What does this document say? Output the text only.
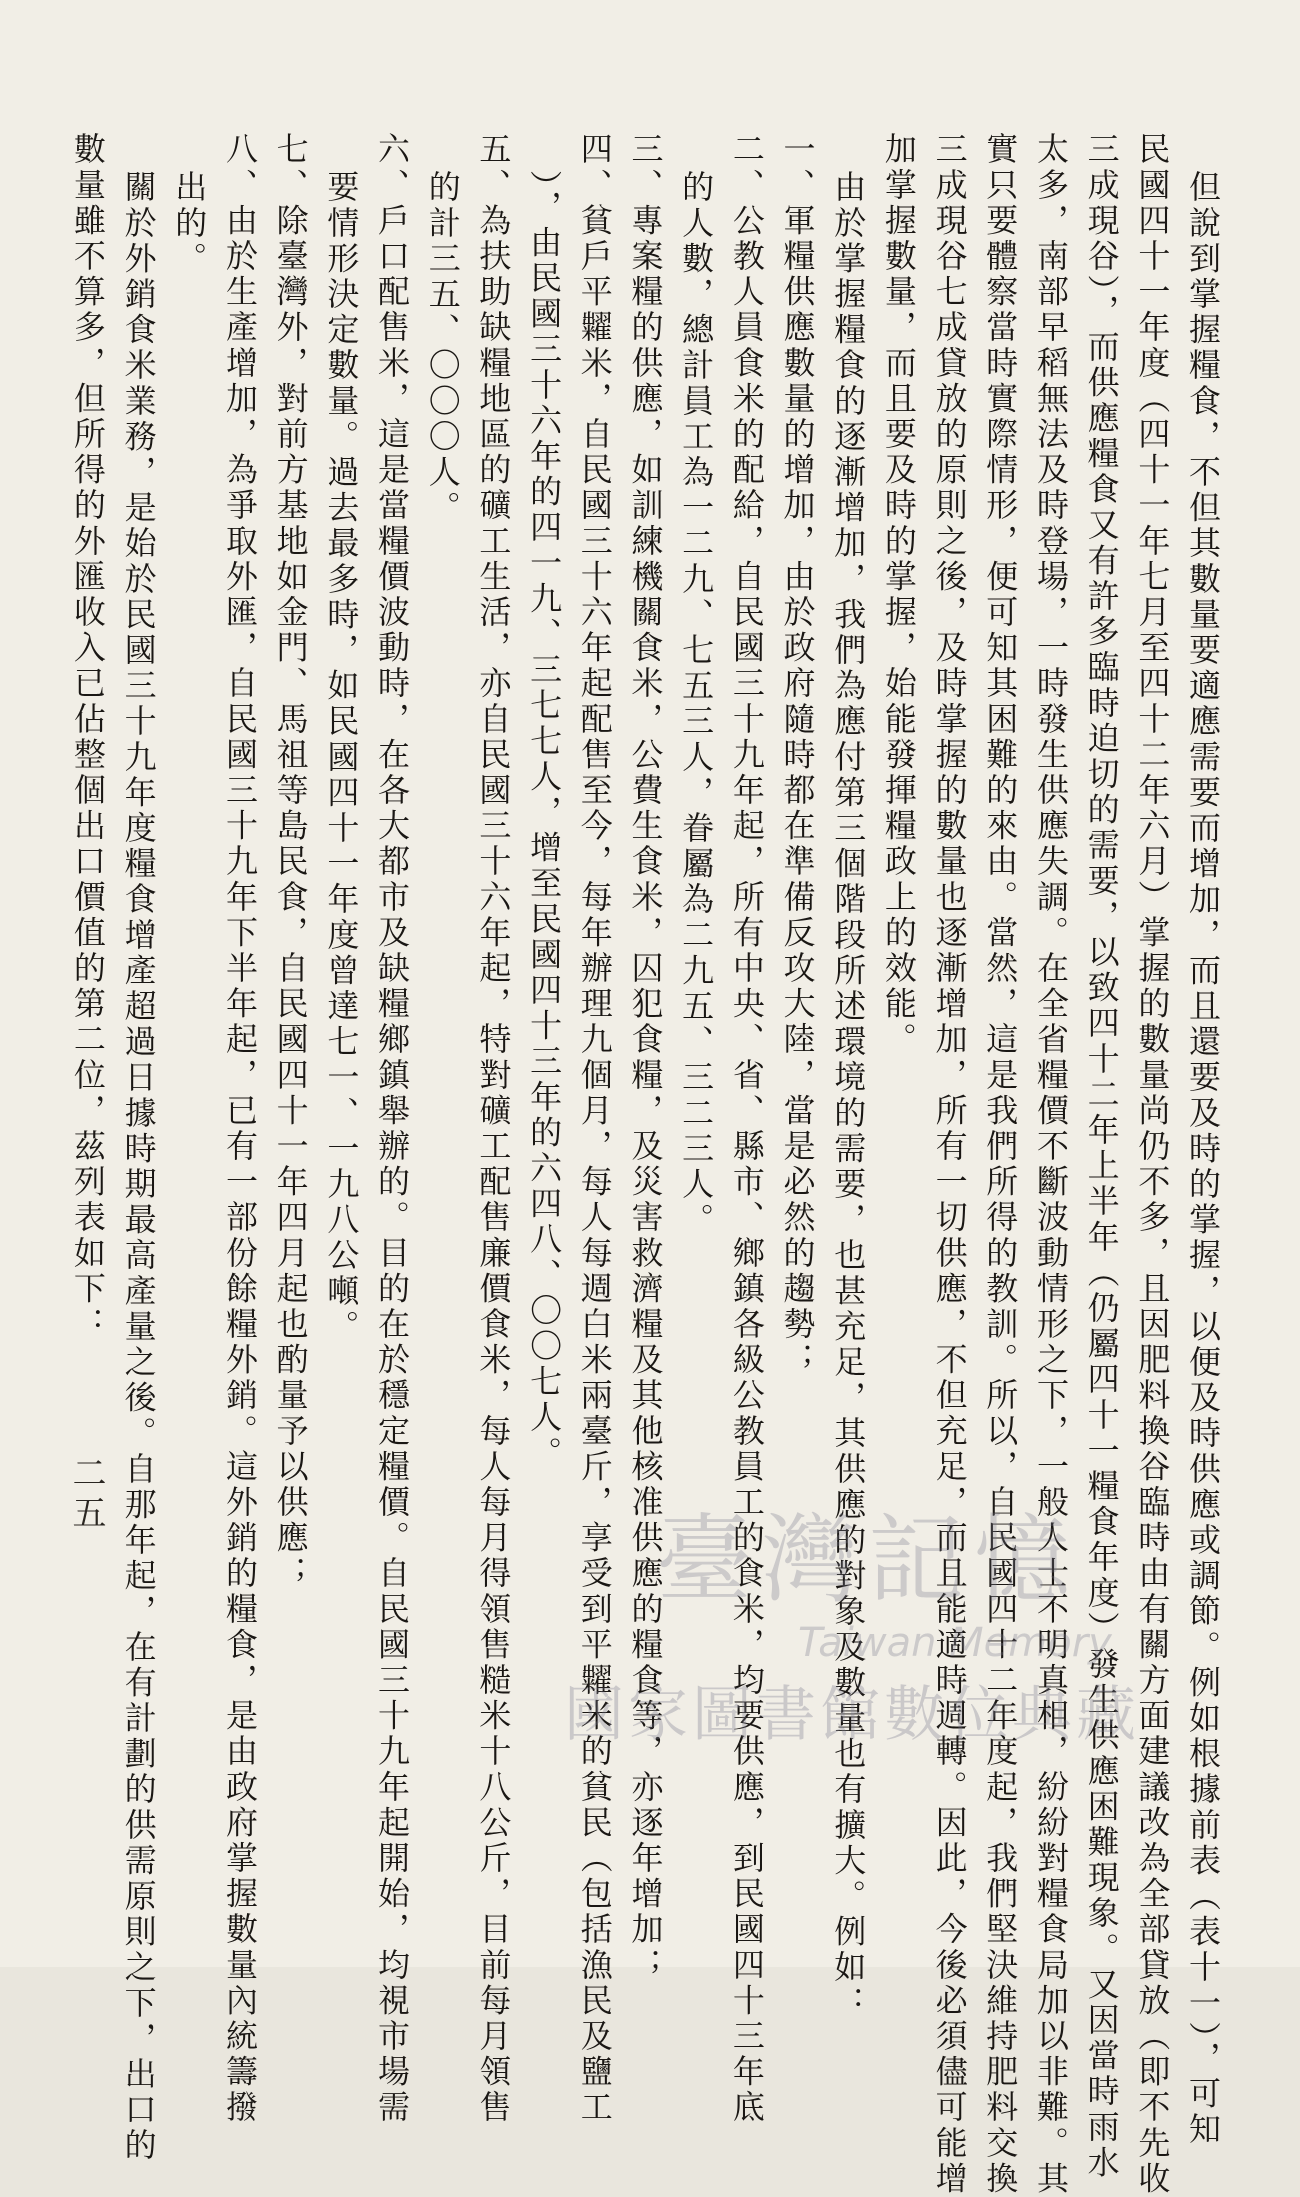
但說到掌握糧食，不但其數量要適應需要而增加，而且還要及時的掌握，以便及時供應或調節。例如根據前表（表十一），可知
民國四十一年度（四十一年七月至四十二年六月）掌握的數量尚仍不多，且因肥料換谷臨時由有關方面建議改為全部貸放（即不先收
三成現谷），而供應糧食又有許多臨時迫切的需要，以致四十二年上半年（仍屬四十一糧食年度）發生供應困難現象。又因當時雨水
太多，南部早稻無法及時登場，一時發生供應失調。在全省糧價不斷波動情形之下，一般人士不明真相，紛紛對糧食局加以非難。其
實只要體察當時實際情形，便可知其困難的來由。當然，這是我們所得的教訓。所以，自民國四十二年度起，我們堅決維持肥料交換
三成現谷七成貸放的原則之後，及時掌握的數量也逐漸增加，所有一切供應，不但充足，而且能適時週轉。因此，今後必須儘可能增
加掌握數量，而且要及時的掌握，始能發揮糧政上的效能。
由於掌握糧食的逐漸增加，我們為應付第三個階段所述環境的需要，也甚充足，其供應的對象及數量也有擴大。例如：
一、軍糧供應數量的增加，由於政府隨時都在準備反攻大陸，當是必然的趨勢；
二、公教人員食米的配給，自民國三十九年起，所有中央、省、縣市、鄉鎮各級公教員工的食米，均要供應，到民國四十三年底
的人數，總計員工為一二九、七五三人，眷屬為二九五、三二三人。
三、專案糧的供應，如訓練機關食米，公費生食米，囚犯食糧，及災害救濟糧及其他核准供應的糧食等，亦逐年增加；
四、貧戶平糶米，自民國三十六年起配售至今，每年辦理九個月，每人每週白米兩臺斤，享受到平糶米的貧民（包括漁民及鹽工
），由民國三十六年的四一九、三七七人，增至民國四十三年的六四八、〇〇七人。
五、為扶助缺糧地區的礦工生活，亦自民國三十六年起，特對礦工配售廉價食米，每人每月得領售糙米十八公斤，目前每月領售
的計三五、〇〇〇人。
六、戶口配售米，這是當糧價波動時，在各大都市及缺糧鄉鎮舉辦的。目的在於穩定糧價。自民國三十九年起開始，均視市場需
要情形決定數量。過去最多時，如民國四十一年度曾達七一、一九八公噸。
七、除臺灣外，對前方基地如金門、馬祖等島民食，自民國四十一年四月起也酌量予以供應；
八、由於生產增加，為爭取外匯，自民國三十九年下半年起，已有一部份餘糧外銷。這外銷的糧食，是由政府掌握數量內統籌撥
出的。
關於外銷食米業務，是始於民國三十九年度糧食增產超過日據時期最高產量之後。自那年起，在有計劃的供需原則之下，出口的
數量雖不算多，但所得的外匯收入已佔整個出口價值的第二位，茲列表如下：
二五
臺灣記憶
Taiwan Memory
國家圖書館數位典藏
